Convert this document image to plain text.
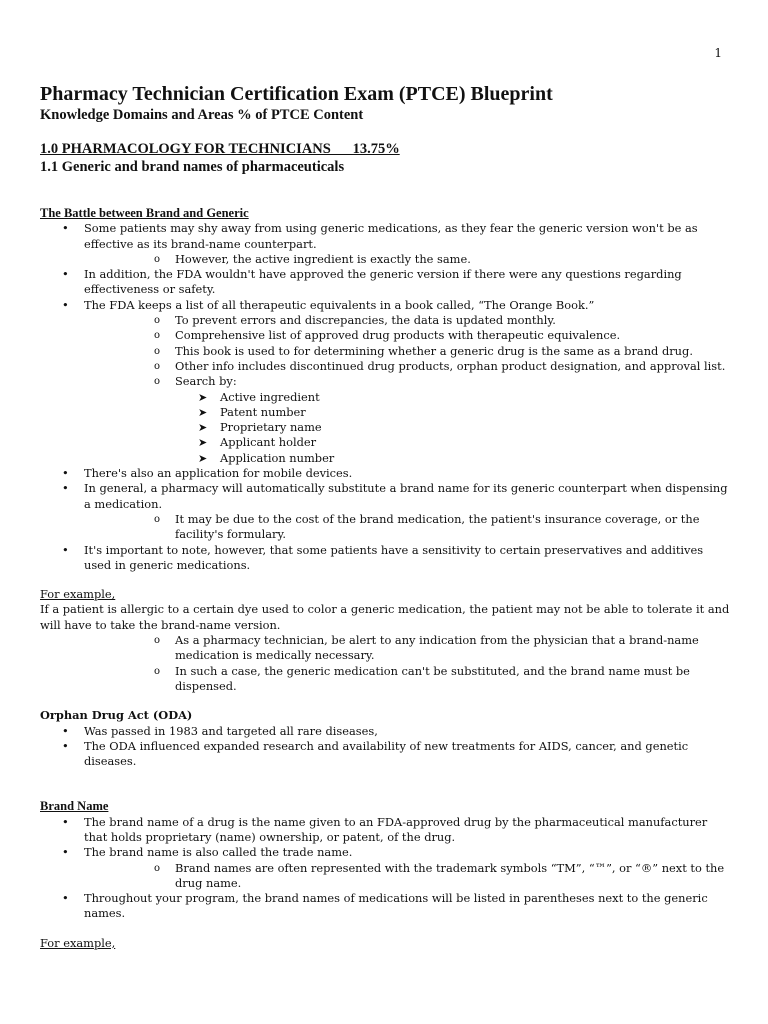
1
Pharmacy Technician Certification Exam (PTCE) Blueprint

Knowledge Domains and Areas % of PTCE Content

1.0 PHARMACOLOGY FOR TECHNICIANS      13.75%

1.1 Generic and brand names of pharmaceuticals

The Battle between Brand and Generic

• Some patients may shy away from using generic medications, as they fear the generic version won't be as effective as its brand-name counterpart.
o However, the active ingredient is exactly the same.
• In addition, the FDA wouldn't have approved the generic version if there were any questions regarding effectiveness or safety.
• The FDA keeps a list of all therapeutic equivalents in a book called, “The Orange Book.”
o To prevent errors and discrepancies, the data is updated monthly.
o Comprehensive list of approved drug products with therapeutic equivalence.
o This book is used to for determining whether a generic drug is the same as a brand drug.
o Other info includes discontinued drug products, orphan product designation, and approval list.
o Search by:
➤ Active ingredient
➤ Patent number
➤ Proprietary name
➤ Applicant holder
➤ Application number
• There's also an application for mobile devices.
• In general, a pharmacy will automatically substitute a brand name for its generic counterpart when dispensing a medication.
o It may be due to the cost of the brand medication, the patient's insurance coverage, or the facility's formulary.
• It's important to note, however, that some patients have a sensitivity to certain preservatives and additives used in generic medications.

For example,

If a patient is allergic to a certain dye used to color a generic medication, the patient may not be able to tolerate it and will have to take the brand-name version.

o As a pharmacy technician, be alert to any indication from the physician that a brand-name medication is medically necessary.
o In such a case, the generic medication can't be substituted, and the brand name must be dispensed.

Orphan Drug Act (ODA)

• Was passed in 1983 and targeted all rare diseases,
• The ODA influenced expanded research and availability of new treatments for AIDS, cancer, and genetic diseases.

Brand Name

• The brand name of a drug is the name given to an FDA-approved drug by the pharmaceutical manufacturer that holds proprietary (name) ownership, or patent, of the drug.
• The brand name is also called the trade name.
o Brand names are often represented with the trademark symbols “TM”, “™”, or “®” next to the drug name.
• Throughout your program, the brand names of medications will be listed in parentheses next to the generic names.

For example,
